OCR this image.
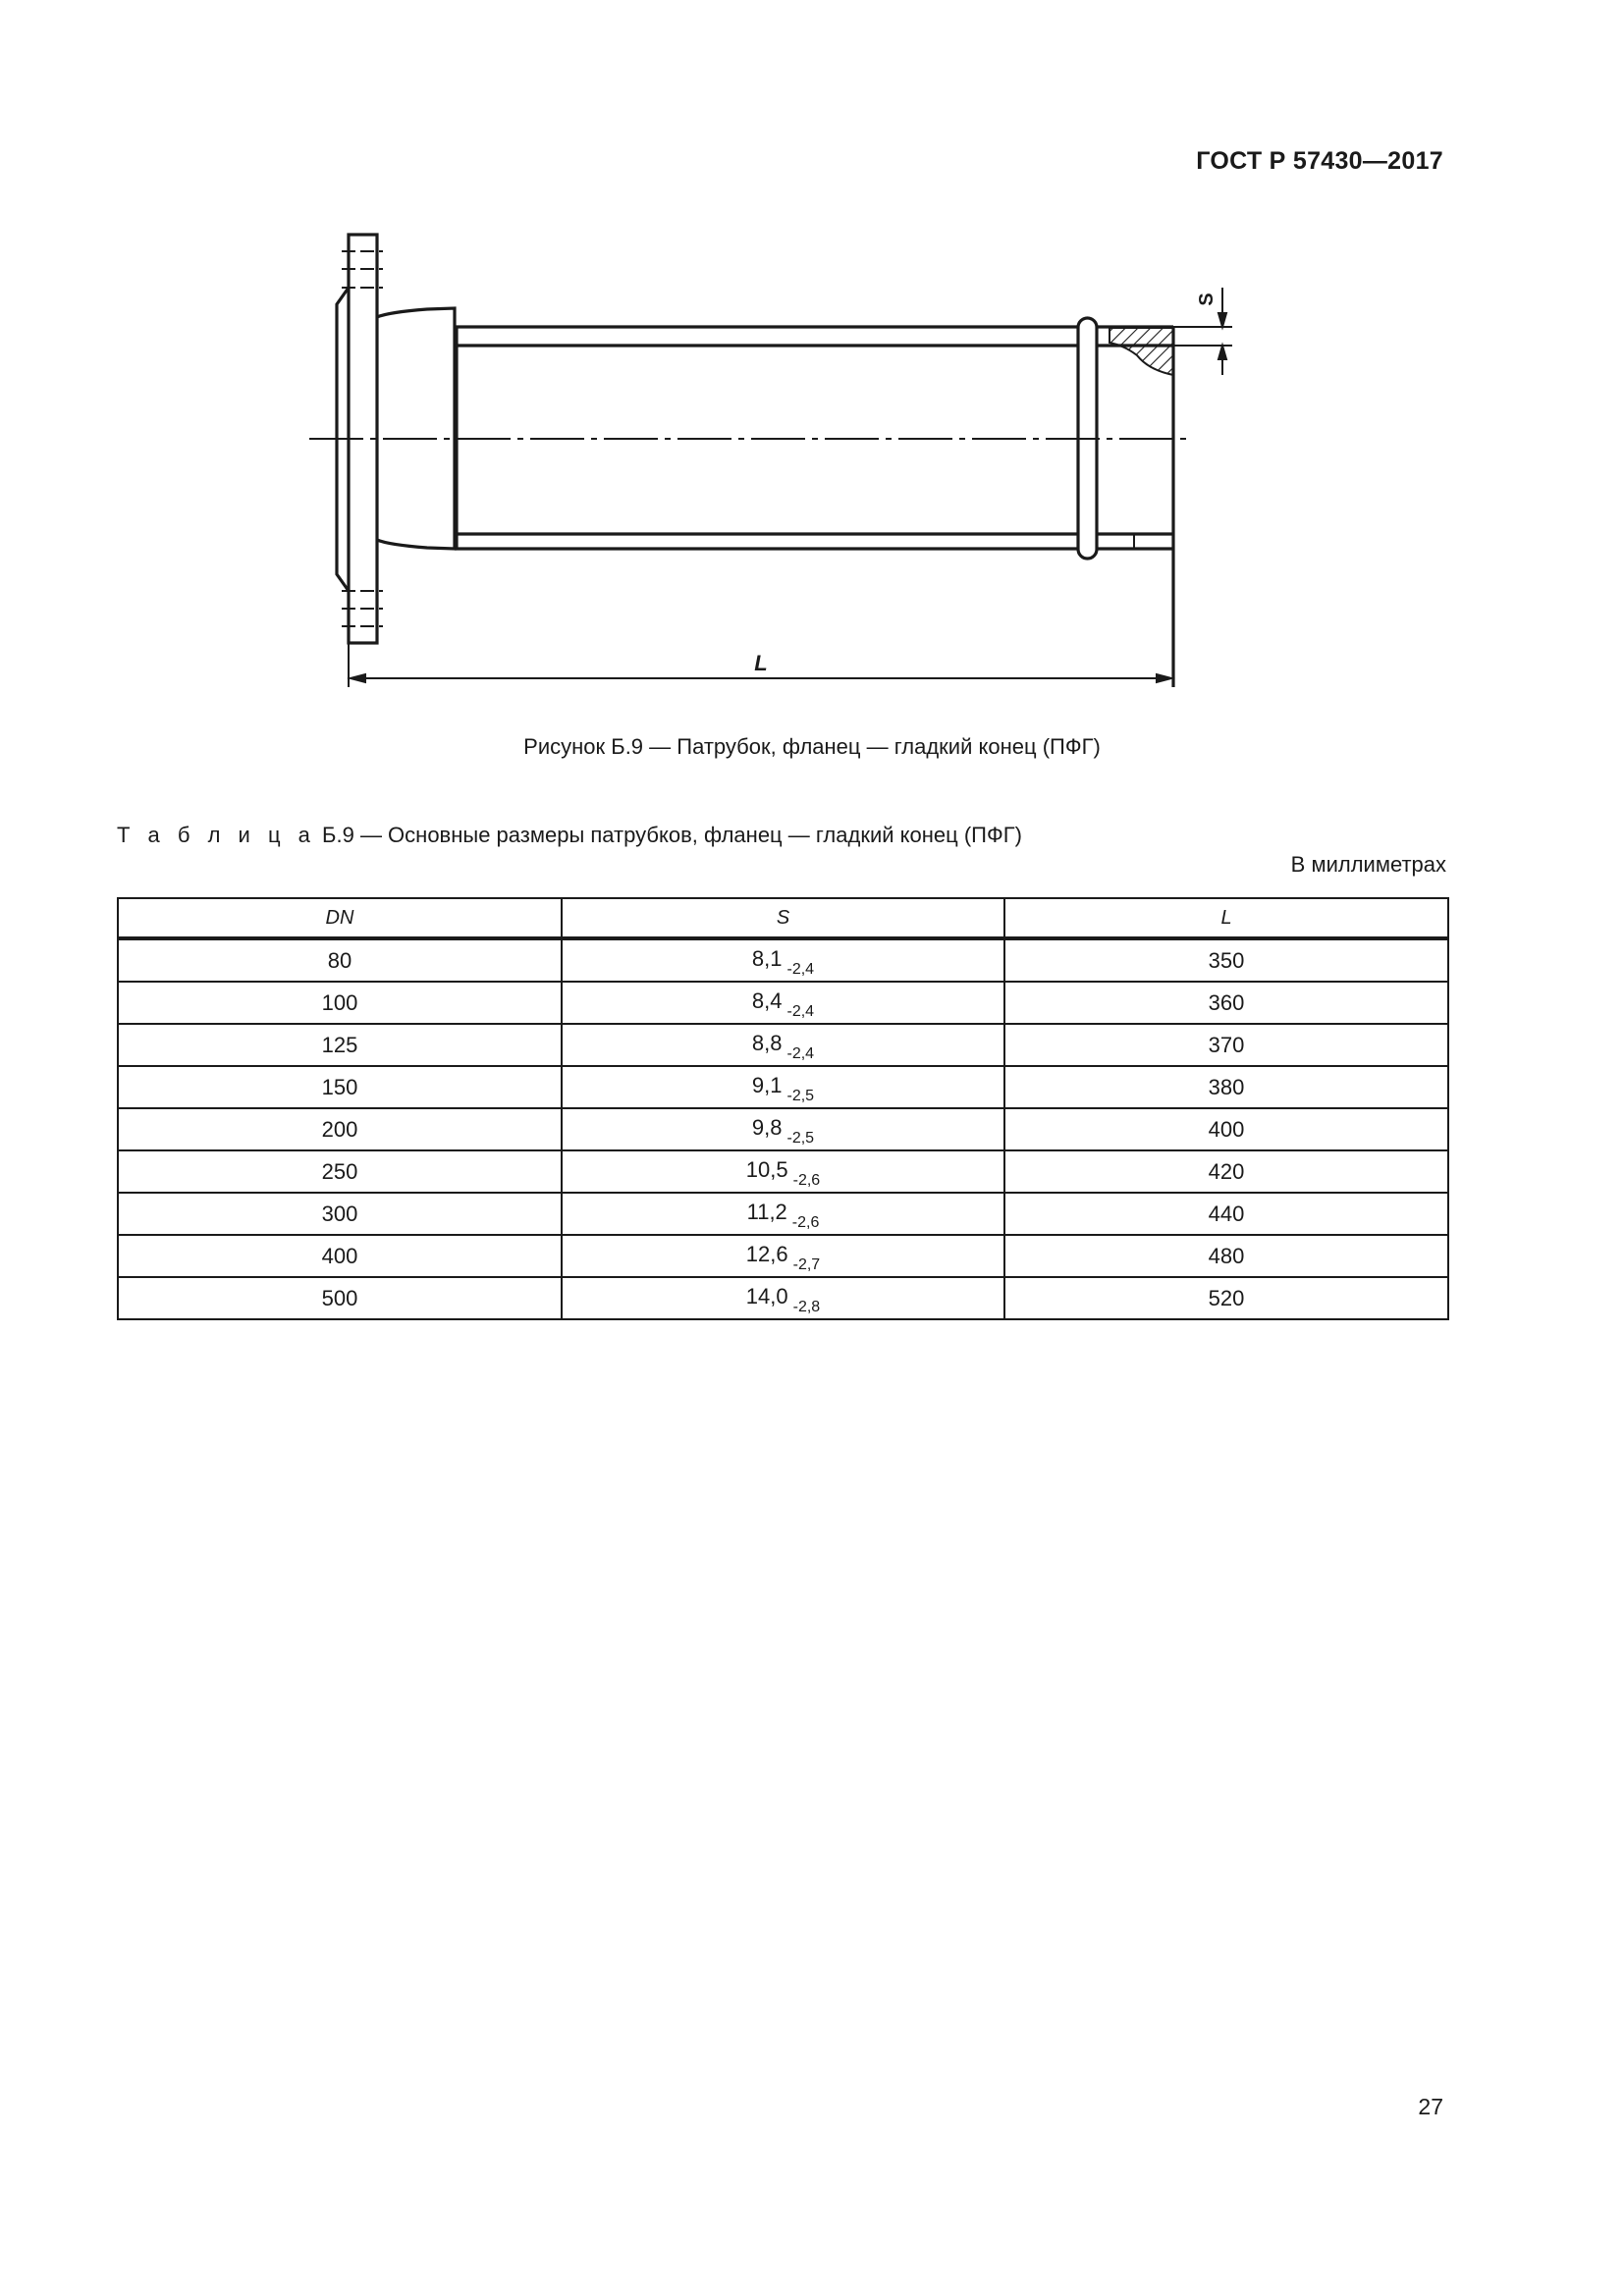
ГОСТ Р 57430—2017
L
S
Рисунок Б.9 — Патрубок, фланец — гладкий конец (ПФГ)
Т а б л и ц а Б.9 — Основные размеры патрубков, фланец — гладкий конец (ПФГ)
В миллиметрах
DN	S	L
80	8,1 $_{-2,4}$	350
100	8,4 $_{-2,4}$	360
125	8,8 $_{-2,4}$	370
150	9,1 $_{-2,5}$	380
200	9,8 $_{-2,5}$	400
250	10,5 $_{-2,6}$	420
300	11,2 $_{-2,6}$	440
400	12,6 $_{-2,7}$	480
500	14,0 $_{-2,8}$	520
27
